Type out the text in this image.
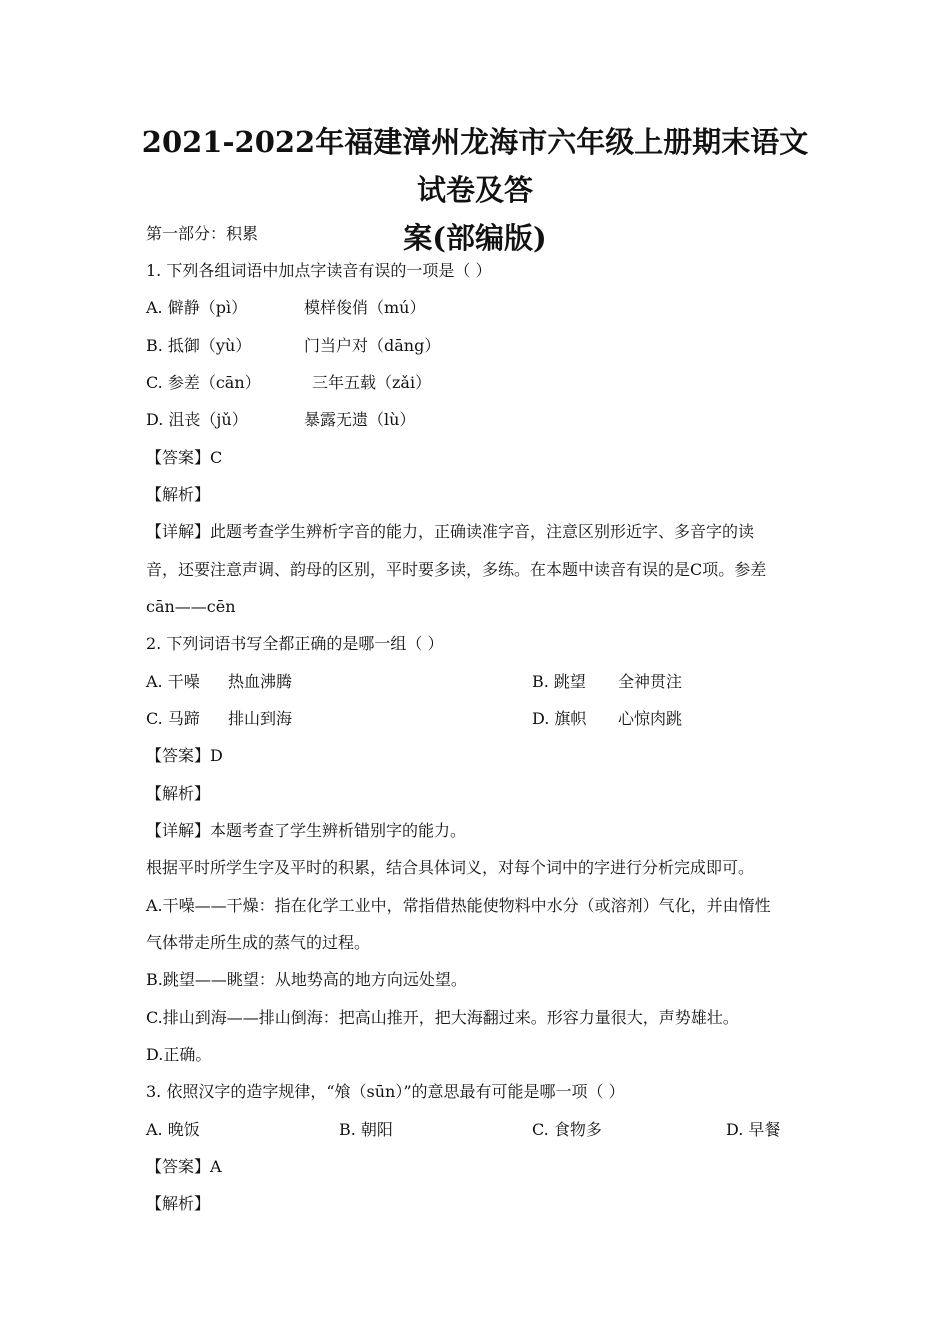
2021-2022年福建漳州龙海市六年级上册期末语文试卷及答
案(部编版)
第一部分：积累
1. 下列各组词语中加点字读音有误的一项是（ ）
A. 僻静（pì）	模样俊俏（mú）
B. 抵御（yù）	门当户对（dāng）
C. 参差（cān）	三年五载（zǎi）
D. 沮丧（jǔ）	暴露无遗（lù）
【答案】C
【解析】
【详解】此题考查学生辨析字音的能力，正确读准字音，注意区别形近字、多音字的读
音，还要注意声调、韵母的区别，平时要多读，多练。在本题中读音有误的是C项。参差
cān——cēn
2. 下列词语书写全都正确的是哪一组（ ）
A. 干噪 热血沸腾	B. 跳望 全神贯注
C. 马蹄 排山到海	D. 旗帜 心惊肉跳
【答案】D
【解析】
【详解】本题考查了学生辨析错别字的能力。
根据平时所学生字及平时的积累，结合具体词义，对每个词中的字进行分析完成即可。
A.干噪——干燥：指在化学工业中，常指借热能使物料中水分（或溶剂）气化，并由惰性
气体带走所生成的蒸气的过程。
B.跳望——眺望：从地势高的地方向远处望。
C.排山到海——排山倒海：把高山推开，把大海翻过来。形容力量很大，声势雄壮。
D.正确。
3. 依照汉字的造字规律，“飧（sūn）”的意思最有可能是哪一项（ ）
A. 晚饭	B. 朝阳	C. 食物多	D. 早餐
【答案】A
【解析】
